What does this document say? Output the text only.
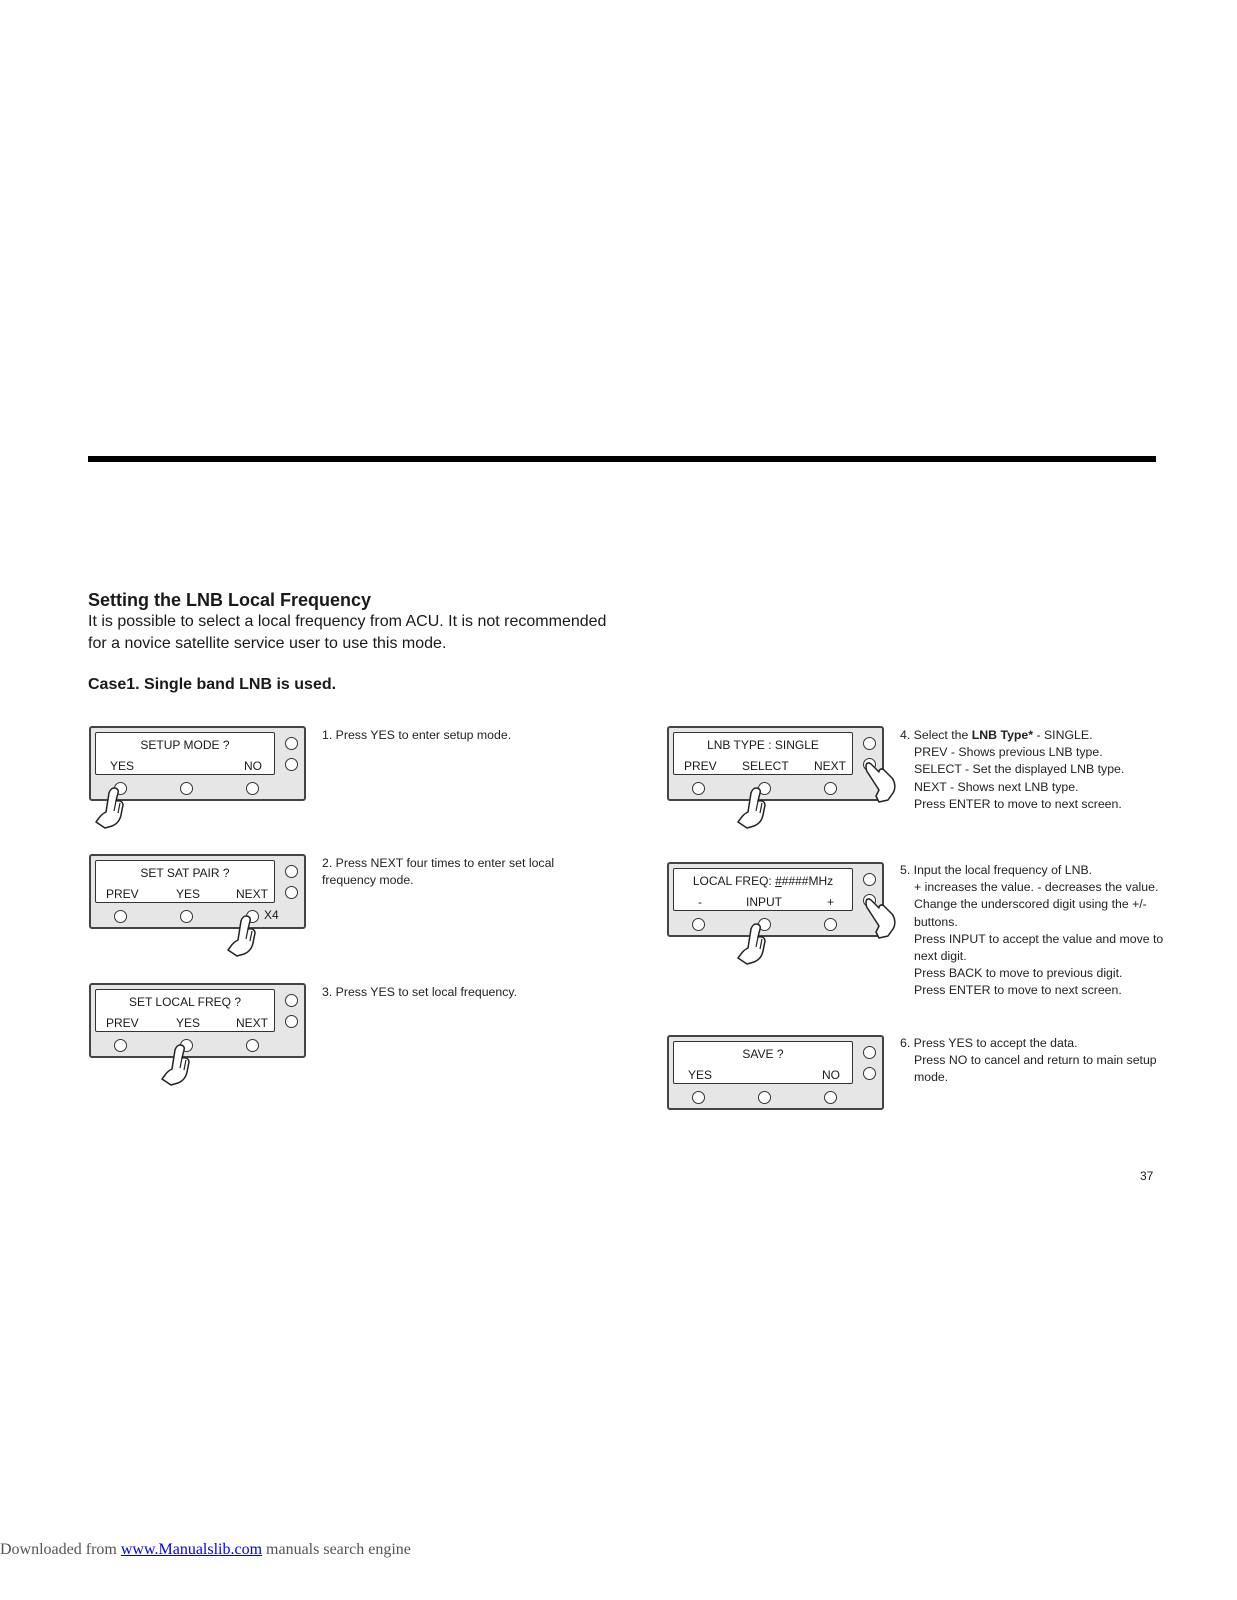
Setting the LNB Local Frequency
It is possible to select a local frequency from ACU. It is not recommended
for a novice satellite service user to use this mode.
Case1. Single band LNB is used.
SETUP MODE ?
YES	NO
SET SAT PAIR ?
PREV	YES	NEXT
X4
SET LOCAL FREQ ?
PREV	YES	NEXT
LNB TYPE : SINGLE
PREV SELECT NEXT
LOCAL FREQ: #####MHz
-	INPUT	+
SAVE ?
YES	NO
1. Press YES to enter setup mode.
2. Press NEXT four times to enter set local
frequency mode.
3. Press YES to set local frequency.
4. Select the LNB Type* - SINGLE.
PREV - Shows previous LNB type.
SELECT - Set the displayed LNB type.
NEXT - Shows next LNB type.
Press ENTER to move to next screen.
5. Input the local frequency of LNB.
+ increases the value. - decreases the value.
Change the underscored digit using the +/-
buttons.
Press INPUT to accept the value and move to
next digit.
Press BACK to move to previous digit.
Press ENTER to move to next screen.
6. Press YES to accept the data.
Press NO to cancel and return to main setup
mode.
37
Downloaded from www.Manualslib.com manuals search engine
